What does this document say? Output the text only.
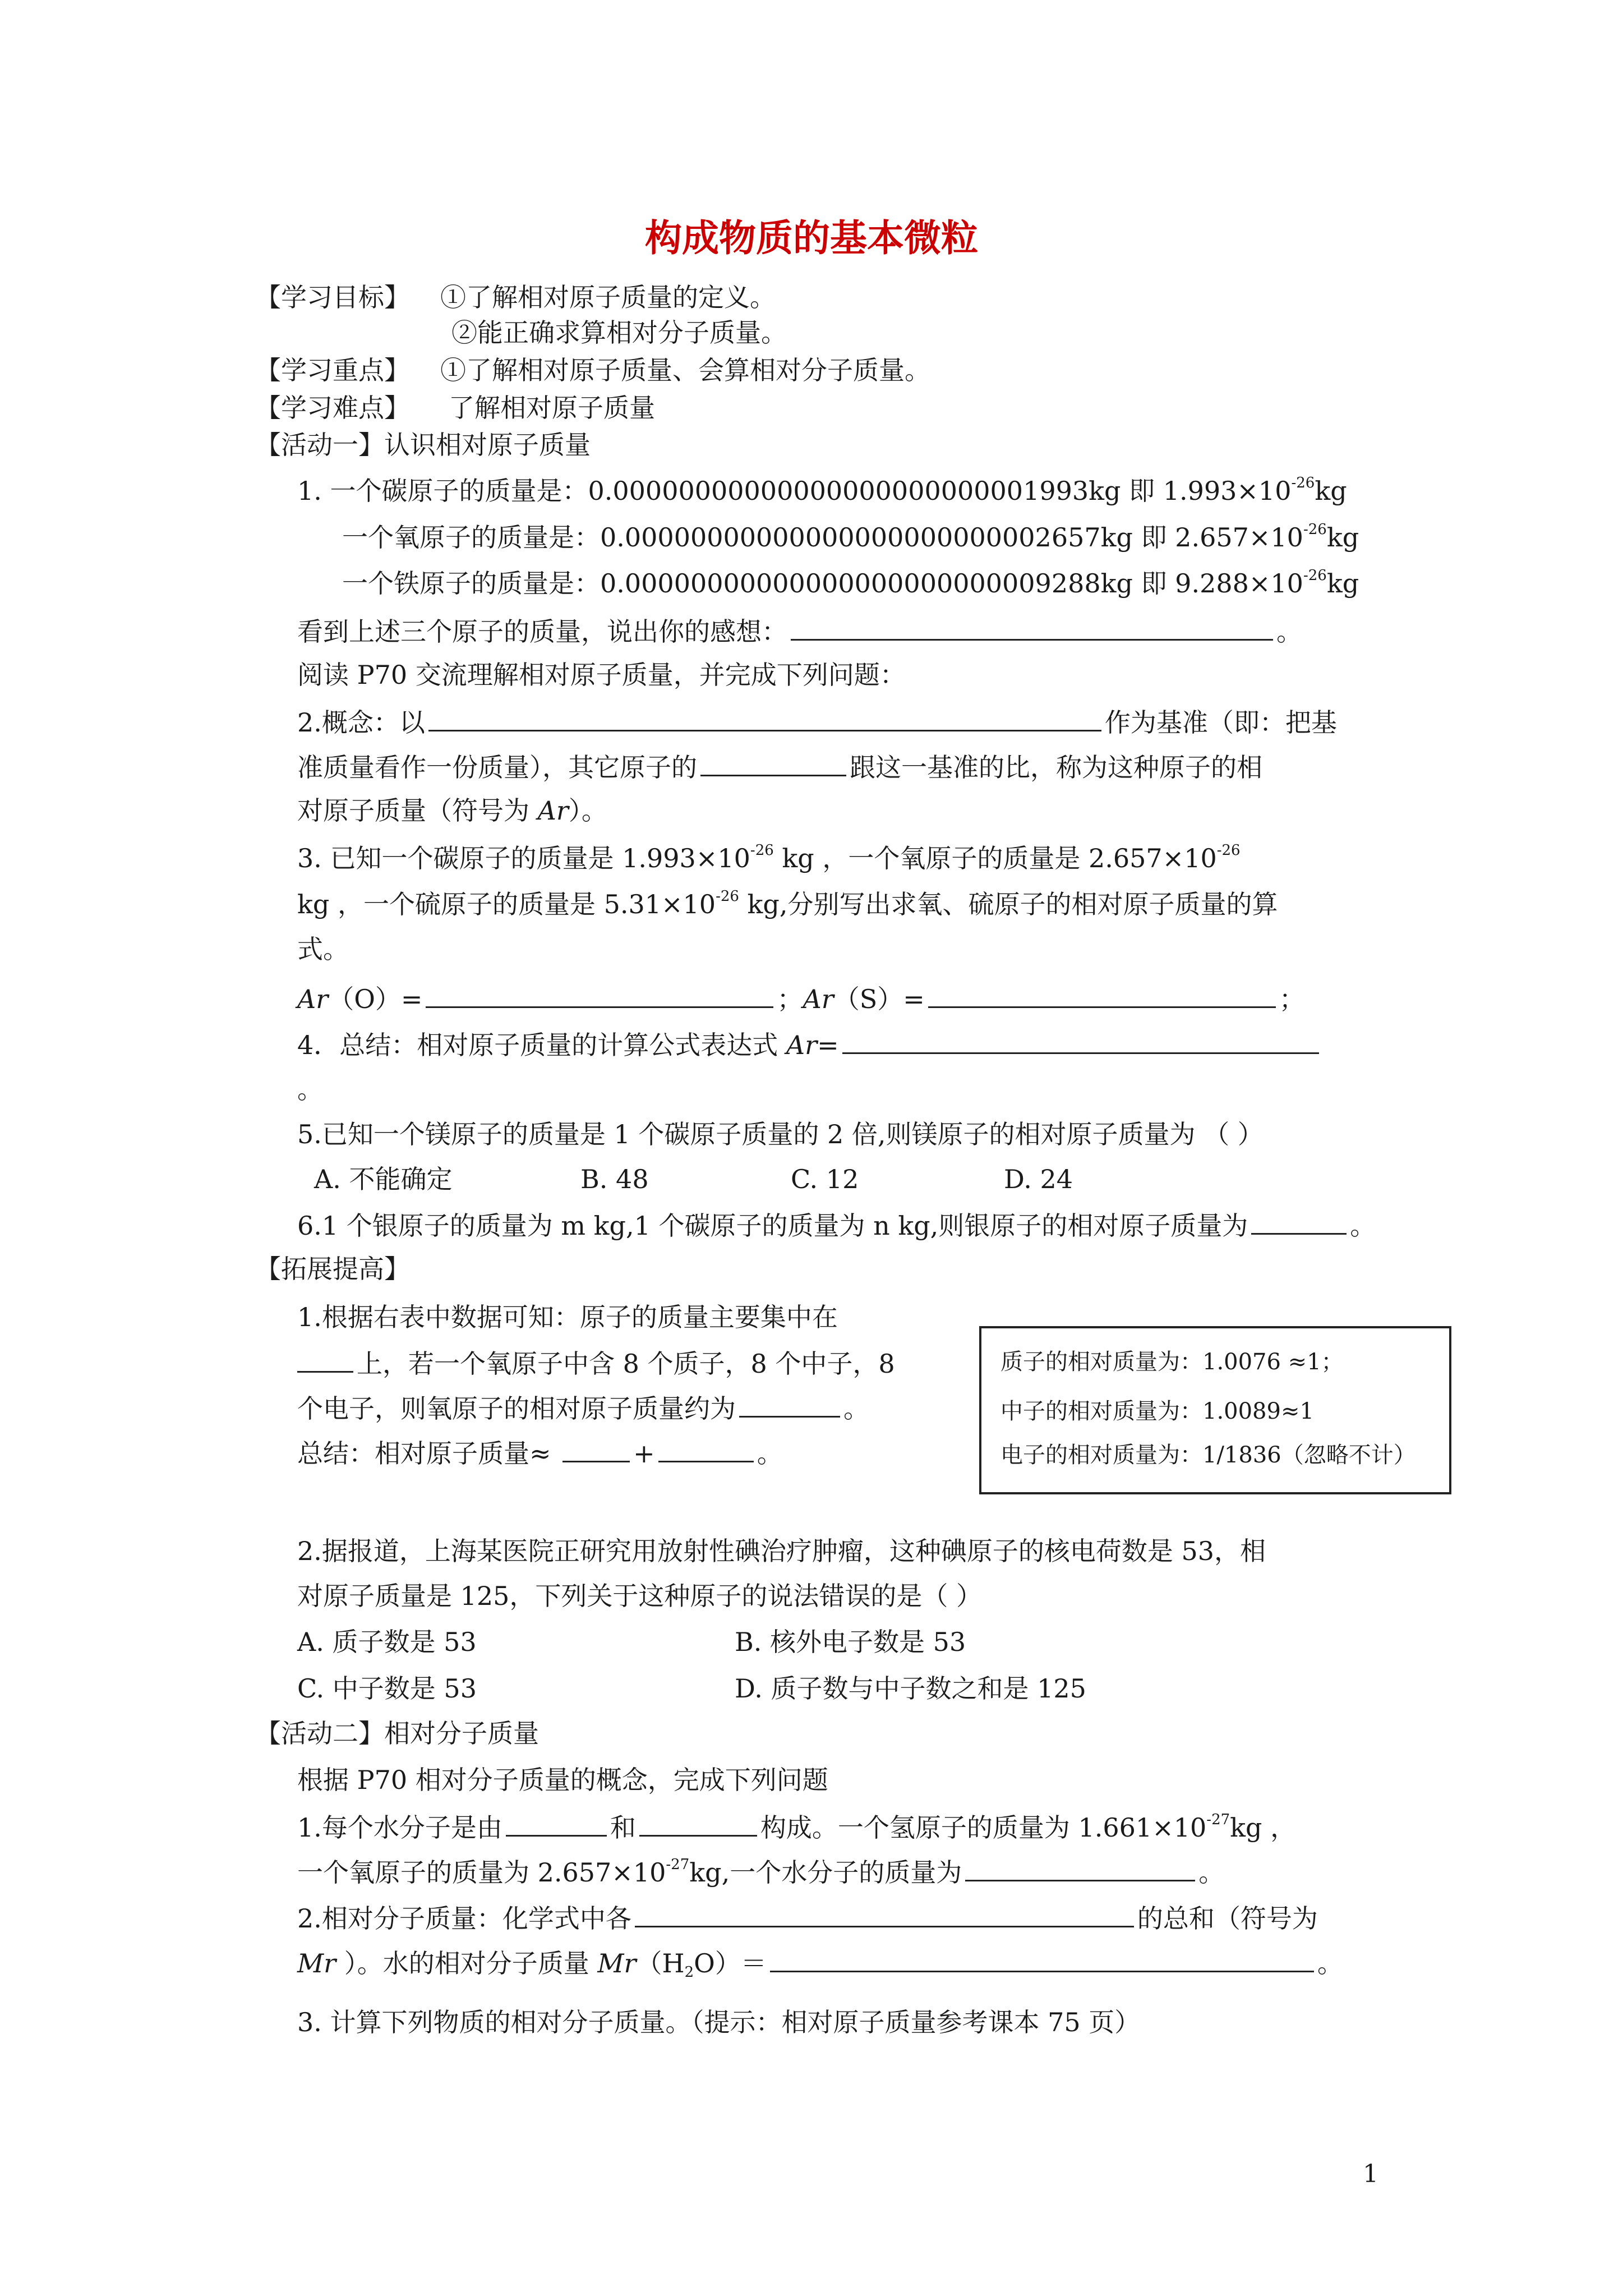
构成物质的基本微粒
【学习目标】 ①了解相对原子质量的定义。
②能正确求算相对分子质量。
【学习重点】 ①了解相对原子质量、会算相对分子质量。
【学习难点】 了解相对原子质量
【活动一】认识相对原子质量
1. 一个碳原子的质量是：0.00000000000000000000000001993kg 即 $1.993\times 10^{-26}kg$
一个氧原子的质量是：0.00000000000000000000000002657kg 即 $2.657\times 10^{-26}kg$
一个铁原子的质量是：0.00000000000000000000000009288kg 即 $9.288\times 10^{-26}kg$
看到上述三个原子的质量，说出你的感想：	。
阅读 P70 交流理解相对原子质量，并完成下列问题：
2.概念：以	作为基准（即：把基
准质量看作一份质量），其它原子的	跟这一基准的比，称为这种原子的相
对原子质量（符号为 Ar）。
3. 已知一个碳原子的质量是 $1.993\times 10^{-26}$ kg ，一个氧原子的质量是 $2.657\times 10^{-26}$
kg ，一个硫原子的质量是 $5.31\times 10^{-26}$ kg,分别写出求氧、硫原子的相对原子质量的算
式。
Ar（O）=	；Ar（S）=	；
4．总结：相对原子质量的计算公式表达式 Ar=
。
5.已知一个镁原子的质量是 1 个碳原子质量的 2 倍,则镁原子的相对原子质量为 （ ）
A. 不能确定	B. 48	C. 12	D. 24
6.1 个银原子的质量为 m kg,1 个碳原子的质量为 n kg,则银原子的相对原子质量为	。
【拓展提高】
1.根据右表中数据可知：原子的质量主要集中在
上，若一个氧原子中含 8 个质子，8 个中子，8
个电子，则氧原子的相对原子质量约为	。
总结：相对原子质量≈	+	。
质子的相对质量为：1.0076 ≈1；
中子的相对质量为：1.0089≈1
电子的相对质量为：1/1836（忽略不计）
2.据报道，上海某医院正研究用放射性碘治疗肿瘤，这种碘原子的核电荷数是 53，相
对原子质量是 125，下列关于这种原子的说法错误的是（ ）
A. 质子数是 53	B. 核外电子数是 53
C. 中子数是 53	D. 质子数与中子数之和是 125
【活动二】相对分子质量
根据 P70 相对分子质量的概念，完成下列问题
1.每个水分子是由	和	构成。一个氢原子的质量为 $1.661\times 10^{-27}kg$ ，
一个氧原子的质量为 $2.657\times 10^{-27}kg$,一个水分子的质量为	。
2.相对分子质量：化学式中各	的总和（符号为
Mr ）。水的相对分子质量 $Mr(H_2O)=$	。
3. 计算下列物质的相对分子质量。（提示：相对原子质量参考课本 75 页）
1
